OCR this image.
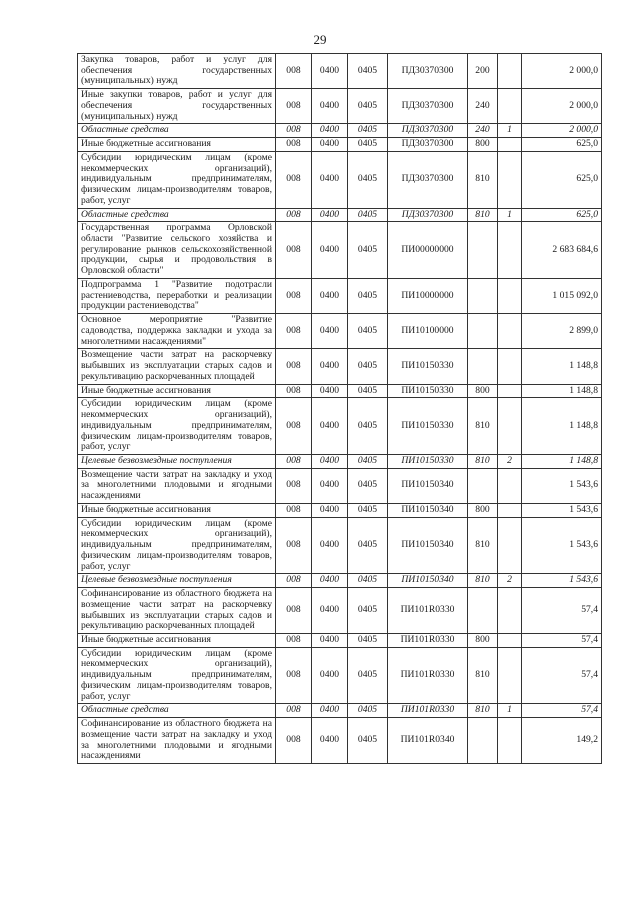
29
Закупка товаров, работ и услуг для обеспечения государственных (муниципальных) нужд	008	0400	0405	ПД30370300	200		2 000,0
Иные закупки товаров, работ и услуг для обеспечения государственных (муниципальных) нужд	008	0400	0405	ПД30370300	240		2 000,0
Областные средства	008	0400	0405	ПД30370300	240	1	2 000,0
Иные бюджетные ассигнования	008	0400	0405	ПД30370300	800		625,0
Субсидии юридическим лицам (кроме некоммерческих организаций), индивидуальным предпринимателям, физическим лицам-производителям товаров, работ, услуг	008	0400	0405	ПД30370300	810		625,0
Областные средства	008	0400	0405	ПД30370300	810	1	625,0
Государственная программа Орловской области "Развитие сельского хозяйства и регулирование рынков сельскохозяйственной продукции, сырья и продовольствия в Орловской области"	008	0400	0405	ПИ00000000			2 683 684,6
Подпрограмма 1 "Развитие подотрасли растениеводства, переработки и реализации продукции растениеводства"	008	0400	0405	ПИ10000000			1 015 092,0
Основное мероприятие "Развитие садоводства, поддержка закладки и ухода за многолетними насаждениями"	008	0400	0405	ПИ10100000			2 899,0
Возмещение части затрат на раскорчевку выбывших из эксплуатации старых садов и рекультивацию раскорчеванных площадей	008	0400	0405	ПИ10150330			1 148,8
Иные бюджетные ассигнования	008	0400	0405	ПИ10150330	800		1 148,8
Субсидии юридическим лицам (кроме некоммерческих организаций), индивидуальным предпринимателям, физическим лицам-производителям товаров, работ, услуг	008	0400	0405	ПИ10150330	810		1 148,8
Целевые безвозмездные поступления	008	0400	0405	ПИ10150330	810	2	1 148,8
Возмещение части затрат на закладку и уход за многолетними плодовыми и ягодными насаждениями	008	0400	0405	ПИ10150340			1 543,6
Иные бюджетные ассигнования	008	0400	0405	ПИ10150340	800		1 543,6
Субсидии юридическим лицам (кроме некоммерческих организаций), индивидуальным предпринимателям, физическим лицам-производителям товаров, работ, услуг	008	0400	0405	ПИ10150340	810		1 543,6
Целевые безвозмездные поступления	008	0400	0405	ПИ10150340	810	2	1 543,6
Софинансирование из областного бюджета на возмещение части затрат на раскорчевку выбывших из эксплуатации старых садов и рекультивацию раскорчеванных площадей	008	0400	0405	ПИ101R0330			57,4
Иные бюджетные ассигнования	008	0400	0405	ПИ101R0330	800		57,4
Субсидии юридическим лицам (кроме некоммерческих организаций), индивидуальным предпринимателям, физическим лицам-производителям товаров, работ, услуг	008	0400	0405	ПИ101R0330	810		57,4
Областные средства	008	0400	0405	ПИ101R0330	810	1	57,4
Софинансирование из областного бюджета на возмещение части затрат на закладку и уход за многолетними плодовыми и ягодными насаждениями	008	0400	0405	ПИ101R0340			149,2
